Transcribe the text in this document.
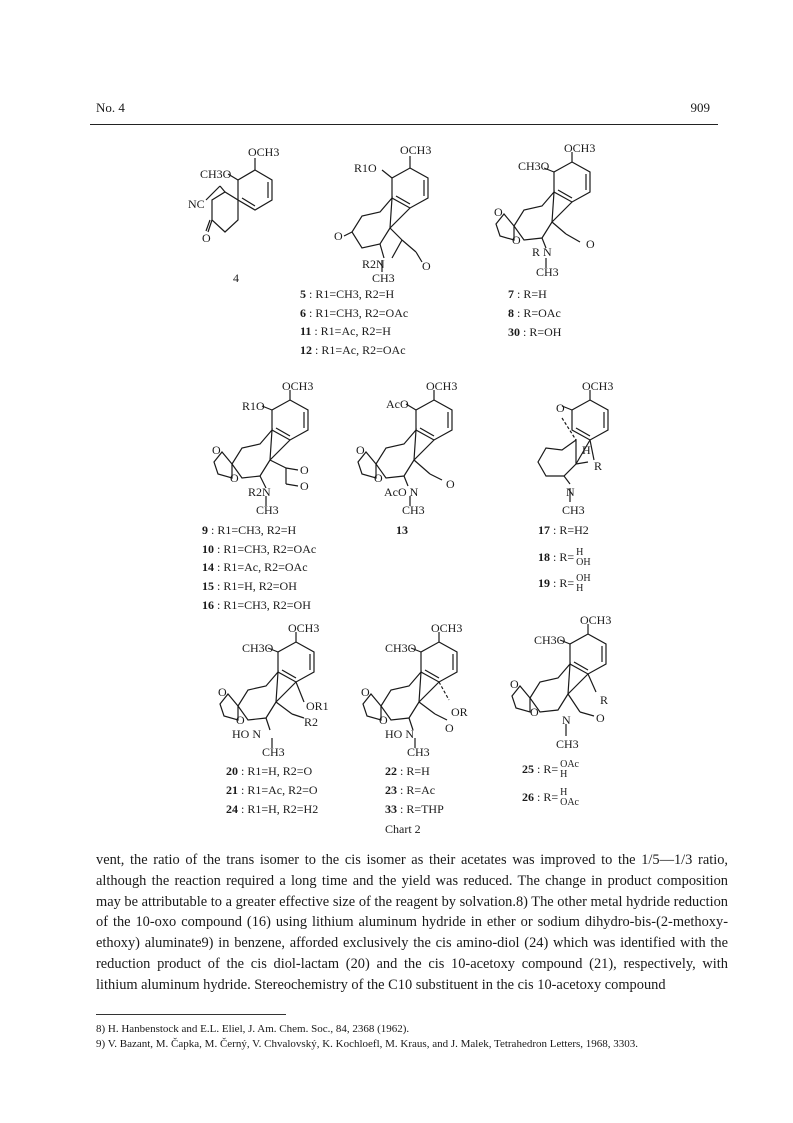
No. 4	909
OCH3
CH3O
NC
O
4
OCH3
R1O
O
O
R2N
CH3
5 : R1=CH3, R2=H
6 : R1=CH3, R2=OAc
11 : R1=Ac, R2=H
12 : R1=Ac, R2=OAc
OCH3
CH3O
O
O
R N
O
CH3
7 : R=H
8 : R=OAc
30 : R=OH
OCH3
R1O
O
O
O
R2N O
CH3
9 : R1=CH3, R2=H
10 : R1=CH3, R2=OAc
14 : R1=Ac, R2=OAc
15 : R1=H, R2=OH
16 : R1=CH3, R2=OH
OCH3
AcO
O
O
AcO N
O
CH3
13
OCH3
O
H
R
N
CH3
17 : R=H2
18 : R= H
OH
19 : R= OH
H
OCH3
CH3O
O
O
OR1
HO N
R2
CH3
20 : R1=H, R2=O
21 : R1=Ac, R2=O
24 : R1=H, R2=H2
OCH3
CH3O
O
O
OR
HO N	O
CH3
22 : R=H
23 : R=Ac
33 : R=THP
OCH3
CH3O
O
O
R
N O
CH3
25 : R= OAc
H
26 : R= H
OAc
Chart 2

vent, the ratio of the trans isomer to the cis isomer as their acetates was improved to the 1/5—1/3 ratio, although the reaction required a long time and the yield was reduced. The change in product composition may be attributable to a greater effective size of the reagent by solvation.8) The other metal hydride reduction of the 10-oxo compound (16) using lithium aluminum hydride in ether or sodium dihydro-bis-(2-methoxy-ethoxy) aluminate9) in benzene, afforded exclusively the cis amino-diol (24) which was identified with the reduction product of the cis diol-lactam (20) and the cis 10-acetoxy compound (21), respectively, with lithium aluminum hydride. Stereochemistry of the C10 substituent in the cis 10-acetoxy compound

8) H. Hanbenstock and E.L. Eliel, J. Am. Chem. Soc., 84, 2368 (1962).

9) V. Bazant, M. Čapka, M. Černý, V. Chvalovský, K. Kochloefl, M. Kraus, and J. Malek, Tetrahedron Letters, 1968, 3303.
